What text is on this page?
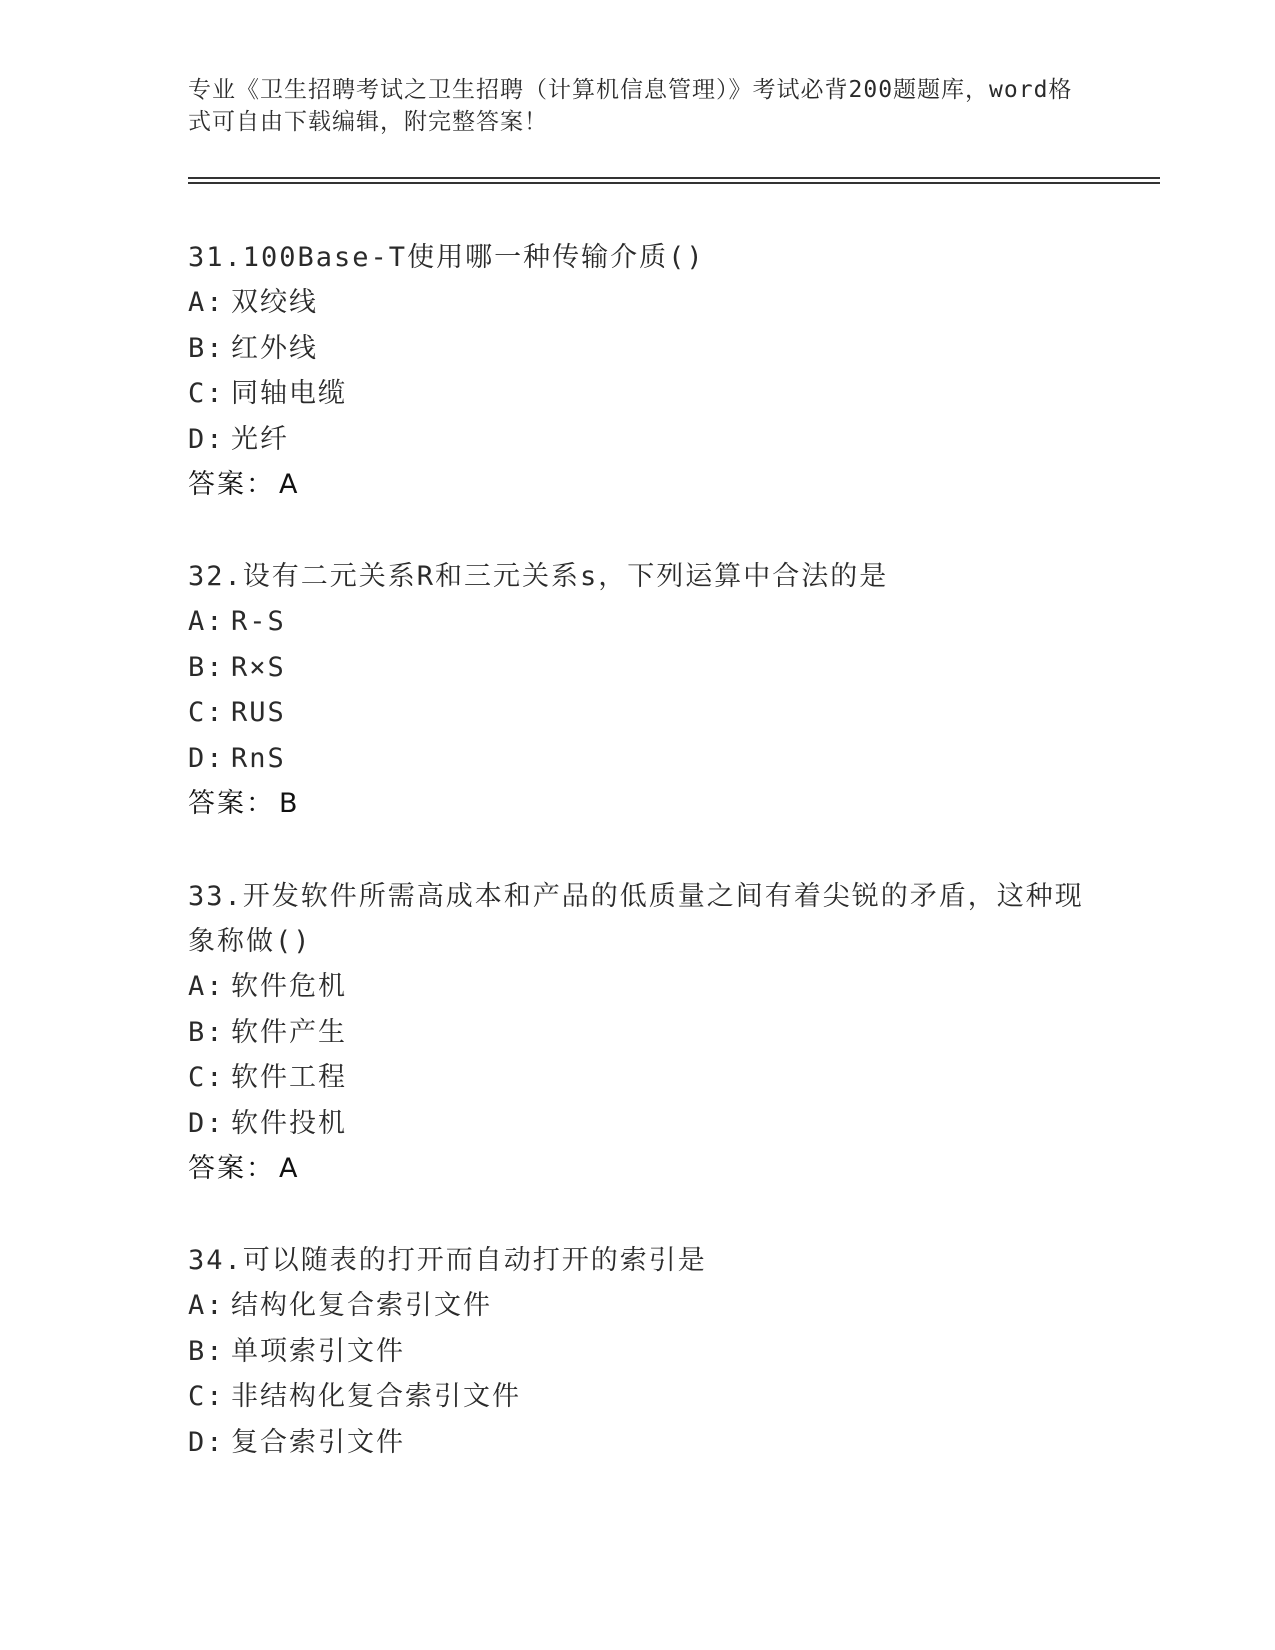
专业《卫生招聘考试之卫生招聘（计算机信息管理）》考试必背200题题库，word格式可自由下载编辑，附完整答案！

31.100Base-T使用哪一种传输介质()

A: 双绞线
B: 红外线
C: 同轴电缆
D: 光纤
答案： A

32.设有二元关系R和三元关系s，下列运算中合法的是

A: R-S
B: R×S
C: RUS
D: RnS
答案： B

33.开发软件所需高成本和产品的低质量之间有着尖锐的矛盾，这种现象称做()

A: 软件危机
B: 软件产生
C: 软件工程
D: 软件投机
答案： A

34.可以随表的打开而自动打开的索引是

A: 结构化复合索引文件
B: 单项索引文件
C: 非结构化复合索引文件
D: 复合索引文件
